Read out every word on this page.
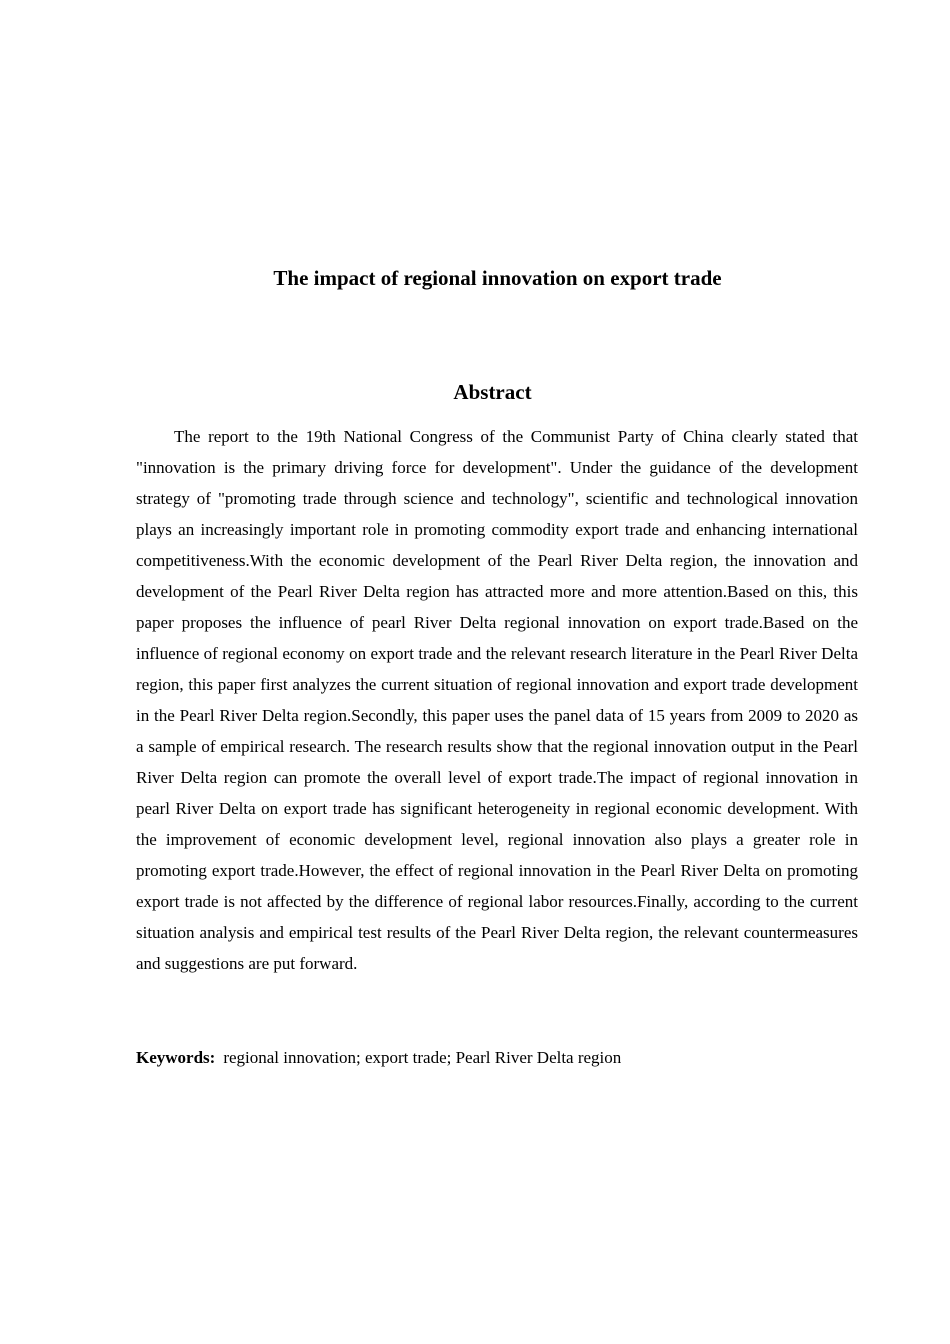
The impact of regional innovation on export trade
Abstract

The report to the 19th National Congress of the Communist Party of China clearly stated that "innovation is the primary driving force for development". Under the guidance of the development strategy of "promoting trade through science and technology", scientific and technological innovation plays an increasingly important role in promoting commodity export trade and enhancing international competitiveness.With the economic development of the Pearl River Delta region, the innovation and development of the Pearl River Delta region has attracted more and more attention.Based on this, this paper proposes the influence of pearl River Delta regional innovation on export trade.Based on the influence of regional economy on export trade and the relevant research literature in the Pearl River Delta region, this paper first analyzes the current situation of regional innovation and export trade development in the Pearl River Delta region.Secondly, this paper uses the panel data of 15 years from 2009 to 2020 as a sample of empirical research. The research results show that the regional innovation output in the Pearl River Delta region can promote the overall level of export trade.The impact of regional innovation in pearl River Delta on export trade has significant heterogeneity in regional economic development. With the improvement of economic development level, regional innovation also plays a greater role in promoting export trade.However, the effect of regional innovation in the Pearl River Delta on promoting export trade is not affected by the difference of regional labor resources.Finally, according to the current situation analysis and empirical test results of the Pearl River Delta region, the relevant countermeasures and suggestions are put forward.

Keywords: regional innovation; export trade; Pearl River Delta region
